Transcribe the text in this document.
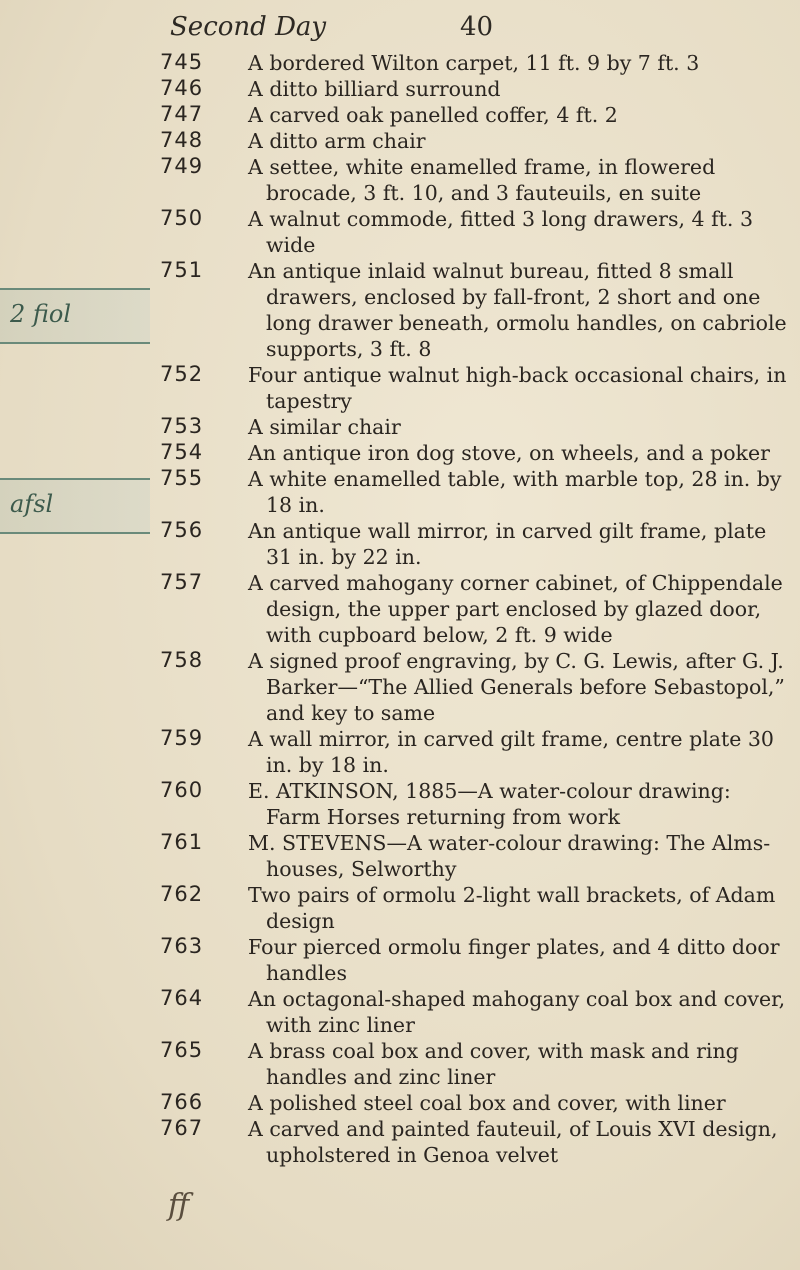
Second Day	40
2 fiol
afsl
745	A bordered Wilton carpet, 11 ft. 9 by 7 ft. 3
746	A ditto billiard surround
747	A carved oak panelled coffer, 4 ft. 2
748	A ditto arm chair
749	A settee, white enamelled frame, in flowered brocade, 3 ft. 10, and 3 fauteuils, en suite
750	A walnut commode, fitted 3 long drawers, 4 ft. 3 wide
751	An antique inlaid walnut bureau, fitted 8 small drawers, enclosed by fall-front, 2 short and one long drawer beneath, ormolu handles, on cabriole supports, 3 ft. 8
752	Four antique walnut high-back occasional chairs, in tapestry
753	A similar chair
754	An antique iron dog stove, on wheels, and a poker
755	A white enamelled table, with marble top, 28 in. by 18 in.
756	An antique wall mirror, in carved gilt frame, plate 31 in. by 22 in.
757	A carved mahogany corner cabinet, of Chippendale design, the upper part enclosed by glazed door, with cupboard below, 2 ft. 9 wide
758	A signed proof engraving, by C. G. Lewis, after G. J. Barker—“The Allied Generals before Sebastopol,” and key to same
759	A wall mirror, in carved gilt frame, centre plate 30 in. by 18 in.
760	E. ATKINSON, 1885—A water-colour drawing: Farm Horses returning from work
761	M. STEVENS—A water-colour drawing: The Alms-houses, Selworthy
762	Two pairs of ormolu 2-light wall brackets, of Adam design
763	Four pierced ormolu finger plates, and 4 ditto door handles
764	An octagonal-shaped mahogany coal box and cover, with zinc liner
765	A brass coal box and cover, with mask and ring handles and zinc liner
766	A polished steel coal box and cover, with liner
767	A carved and painted fauteuil, of Louis XVI design, upholstered in Genoa velvet
ff
